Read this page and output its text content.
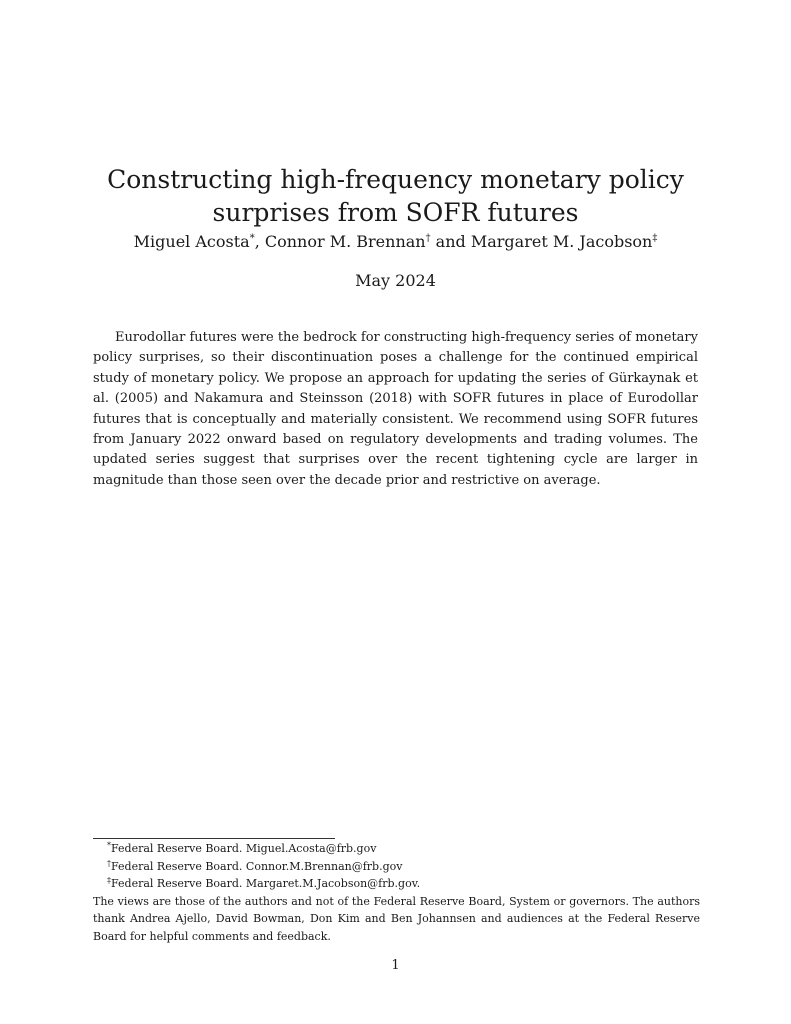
Constructing high-frequency monetary policy surprises from SOFR futures
Miguel Acosta*, Connor M. Brennan† and Margaret M. Jacobson‡
May 2024

Eurodollar futures were the bedrock for constructing high-frequency series of monetary policy surprises, so their discontinuation poses a challenge for the continued empirical study of monetary policy. We propose an approach for updating the series of Gürkaynak et al. (2005) and Nakamura and Steinsson (2018) with SOFR futures in place of Eurodollar futures that is conceptually and materially consistent. We recommend using SOFR futures from January 2022 onward based on regulatory developments and trading volumes. The updated series suggest that surprises over the recent tightening cycle are larger in magnitude than those seen over the decade prior and restrictive on average.

*Federal Reserve Board. Miguel.Acosta@frb.gov
†Federal Reserve Board. Connor.M.Brennan@frb.gov
‡Federal Reserve Board. Margaret.M.Jacobson@frb.gov.

The views are those of the authors and not of the Federal Reserve Board, System or governors. The authors thank Andrea Ajello, David Bowman, Don Kim and Ben Johannsen and audiences at the Federal Reserve Board for helpful comments and feedback.

1
